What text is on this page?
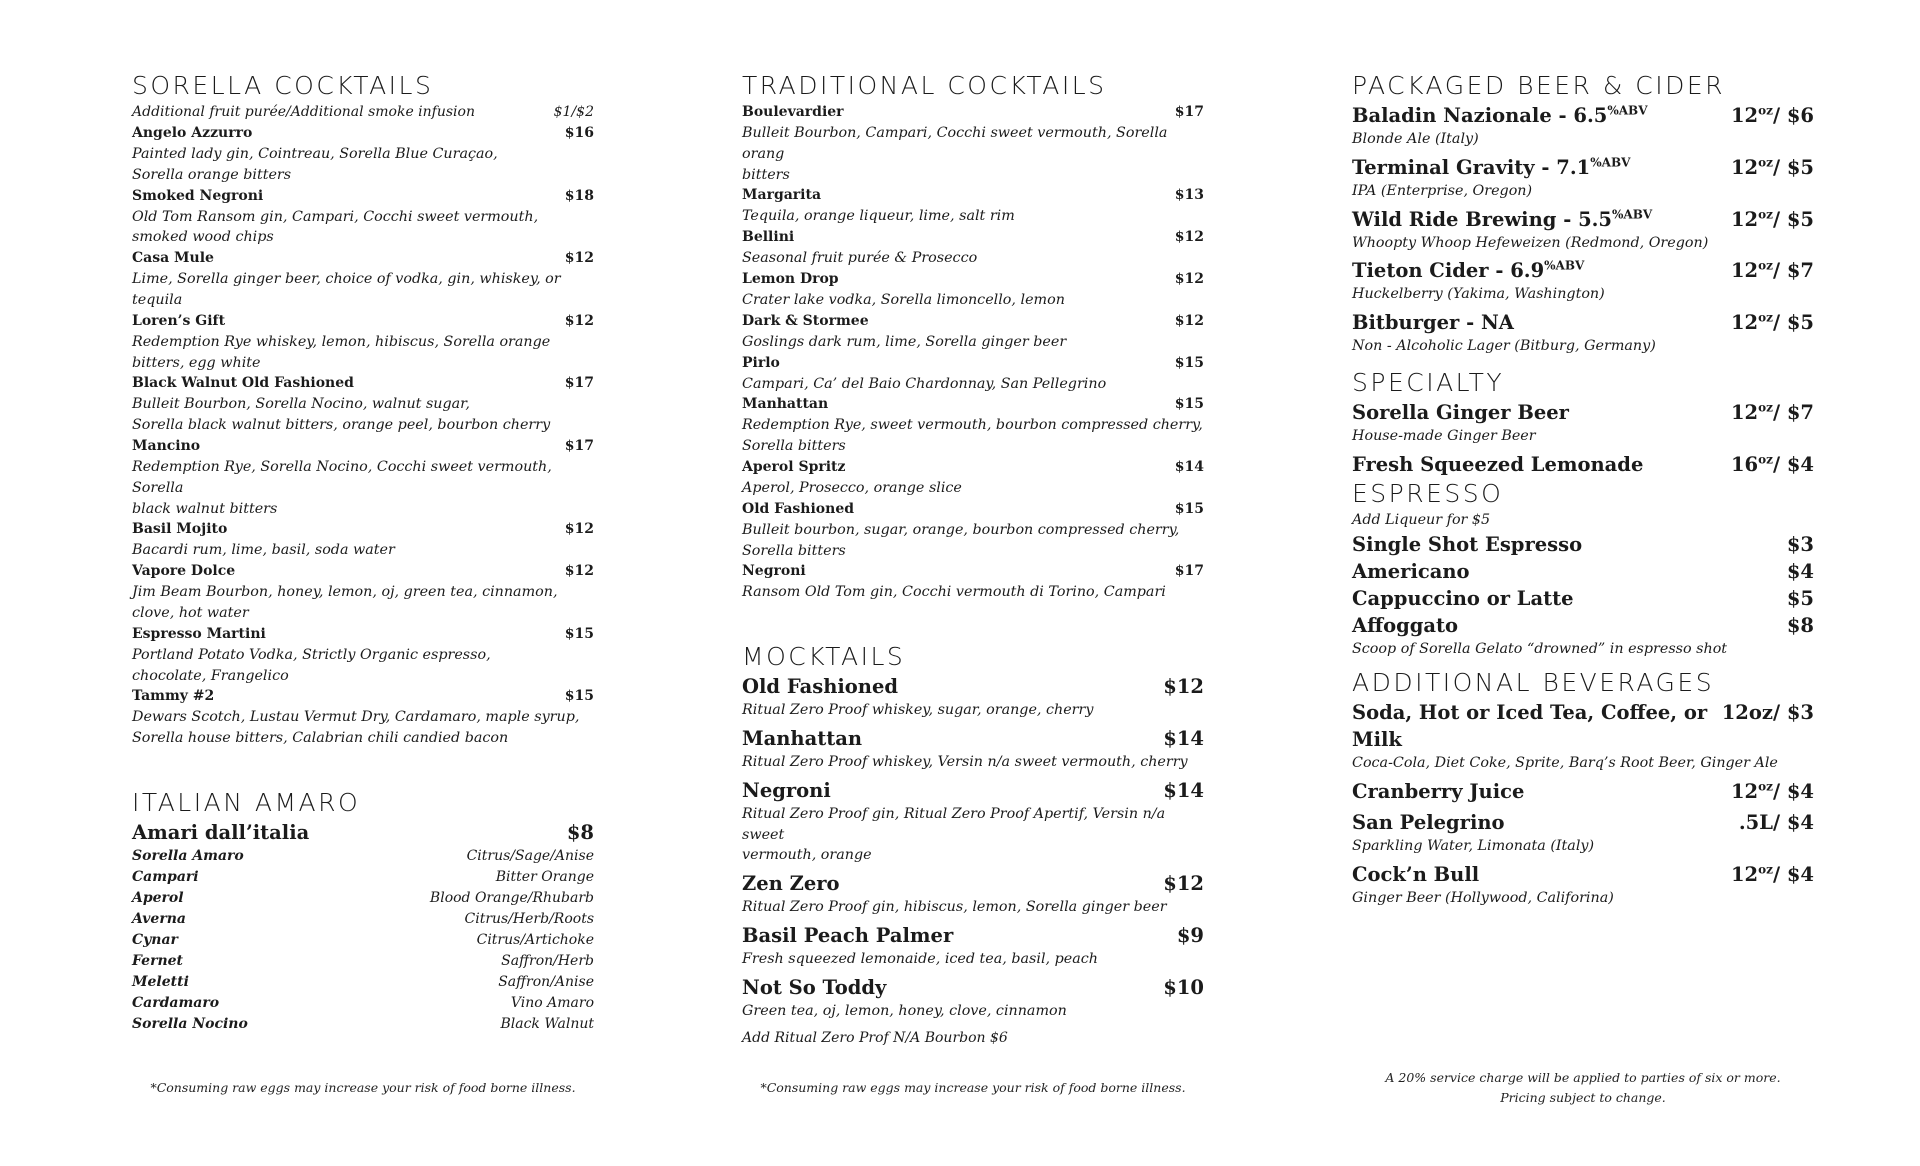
SORELLA COCKTAILS
Additional fruit purée/Additional smoke infusion	$1/$2
Angelo Azzurro	$16
Painted lady gin, Cointreau, Sorella Blue Curaçao,
Sorella orange bitters
Smoked Negroni	$18
Old Tom Ransom gin, Campari, Cocchi sweet vermouth,
smoked wood chips
Casa Mule	$12
Lime, Sorella ginger beer, choice of vodka, gin, whiskey, or tequila
Loren’s Gift	$12
Redemption Rye whiskey, lemon, hibiscus, Sorella orange
bitters, egg white
Black Walnut Old Fashioned	$17
Bulleit Bourbon, Sorella Nocino, walnut sugar,
Sorella black walnut bitters, orange peel, bourbon cherry
Mancino	$17
Redemption Rye, Sorella Nocino, Cocchi sweet vermouth, Sorella
black walnut bitters
Basil Mojito	$12
Bacardi rum, lime, basil, soda water
Vapore Dolce	$12
Jim Beam Bourbon, honey, lemon, oj, green tea, cinnamon,
clove, hot water
Espresso Martini	$15
Portland Potato Vodka, Strictly Organic espresso,
chocolate, Frangelico
Tammy #2	$15
Dewars Scotch, Lustau Vermut Dry, Cardamaro, maple syrup,
Sorella house bitters, Calabrian chili candied bacon
ITALIAN AMARO
Amari dall’italia	$8
Sorella Amaro	Citrus/Sage/Anise
Campari	Bitter Orange
Aperol	Blood Orange/Rhubarb
Averna	Citrus/Herb/Roots
Cynar	Citrus/Artichoke
Fernet	Saffron/Herb
Meletti	Saffron/Anise
Cardamaro	Vino Amaro
Sorella Nocino	Black Walnut
TRADITIONAL COCKTAILS
Boulevardier	$17
Bulleit Bourbon, Campari, Cocchi sweet vermouth, Sorella orang
bitters
Margarita	$13
Tequila, orange liqueur, lime, salt rim
Bellini	$12
Seasonal fruit purée & Prosecco
Lemon Drop	$12
Crater lake vodka, Sorella limoncello, lemon
Dark & Stormee	$12
Goslings dark rum, lime, Sorella ginger beer
Pirlo	$15
Campari, Ca’ del Baio Chardonnay, San Pellegrino
Manhattan	$15
Redemption Rye, sweet vermouth, bourbon compressed cherry,
Sorella bitters
Aperol Spritz	$14
Aperol, Prosecco, orange slice
Old Fashioned	$15
Bulleit bourbon, sugar, orange, bourbon compressed cherry,
Sorella bitters
Negroni	$17
Ransom Old Tom gin, Cocchi vermouth di Torino, Campari
MOCKTAILS
Old Fashioned	$12
Ritual Zero Proof whiskey, sugar, orange, cherry
Manhattan	$14
Ritual Zero Proof whiskey, Versin n/a sweet vermouth, cherry
Negroni	$14
Ritual Zero Proof gin, Ritual Zero Proof Apertif, Versin n/a sweet
vermouth, orange
Zen Zero	$12
Ritual Zero Proof gin, hibiscus, lemon, Sorella ginger beer
Basil Peach Palmer	$9
Fresh squeezed lemonaide, iced tea, basil, peach
Not So Toddy	$10
Green tea, oj, lemon, honey, clove, cinnamon
Add Ritual Zero Prof N/A Bourbon $6
PACKAGED BEER & CIDER
Baladin Nazionale - $6.5^{\%ABV}$	$12^{oz}/$ $6
Blonde Ale (Italy)
Terminal Gravity - $7.1^{\%ABV}$	$12^{oz}/$ $5
IPA (Enterprise, Oregon)
Wild Ride Brewing - $5.5^{\%ABV}$	$12^{oz}/$ $5
Whoopty Whoop Hefeweizen (Redmond, Oregon)
Tieton Cider - $6.9^{\%ABV}$	$12^{oz}/$ $7
Huckelberry (Yakima, Washington)
Bitburger - NA	$12^{oz}/$ $5
Non - Alcoholic Lager (Bitburg, Germany)
SPECIALTY
Sorella Ginger Beer	$12^{oz}/$ $7
House-made Ginger Beer
Fresh Squeezed Lemonade	$16^{oz}/$ $4
ESPRESSO
Add Liqueur for $5
Single Shot Espresso	$3
Americano	$4
Cappuccino or Latte	$5
Affoggato	$8
Scoop of Sorella Gelato “drowned” in espresso shot
ADDITIONAL BEVERAGES
Soda, Hot or Iced Tea, Coffee, or Milk
12oz/ $3
Coca-Cola, Diet Coke, Sprite, Barq’s Root Beer, Ginger Ale
Cranberry Juice	$12^{oz}/$ $4
San Pelegrino	.5L/ $4
Sparkling Water, Limonata (Italy)
Cock’n Bull	$12^{oz}/$ $4
Ginger Beer (Hollywood, Califorina)
*Consuming raw eggs may increase your risk of food borne illness.	*Consuming raw eggs may increase your risk of food borne illness.
A 20% service charge will be applied to parties of six or more.
Pricing subject to change.
